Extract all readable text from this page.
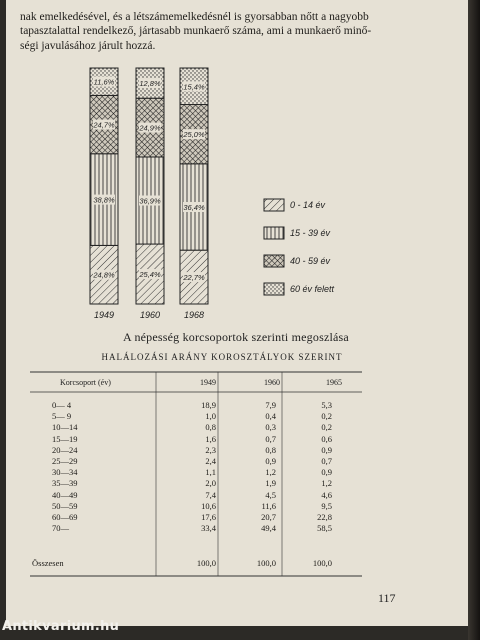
nak emelkedésével, és a létszámemelkedésnél is gyorsabban nőtt a nagyobb

tapasztalattal rendelkező, jártasabb munkaerő száma, ami a munkaerő minő-

ségi javulásához járult hozzá.

24,8%
38,8%
24,7%
11,6%
1949
25,4%
36,9%
24,9%
12,8%
1960
22,7%
36,4%
25,0%
15,4%
1968
0 - 14 év
15 - 39 év
40 - 59 év
60 év felett
A népesség korcsoportok szerinti megoszlása
HALÁLOZÁSI ARÁNY KOROSZTÁLYOK SZERINT
Korcsoport (év)	1949	1960	1965
0— 4	18,9	7,9	5,3
5— 9	1,0	0,4	0,2
10—14	0,8	0,3	0,2
15—19	1,6	0,7	0,6
20—24	2,3	0,8	0,9
25—29	2,4	0,9	0,7
30—34	1,1	1,2	0,9
35—39	2,0	1,9	1,2
40—49	7,4	4,5	4,6
50—59	10,6	11,6	9,5
60—69	17,6	20,7	22,8
70—	33,4	49,4	58,5
Összesen	100,0	100,0	100,0
117
Antikvarium.hu
